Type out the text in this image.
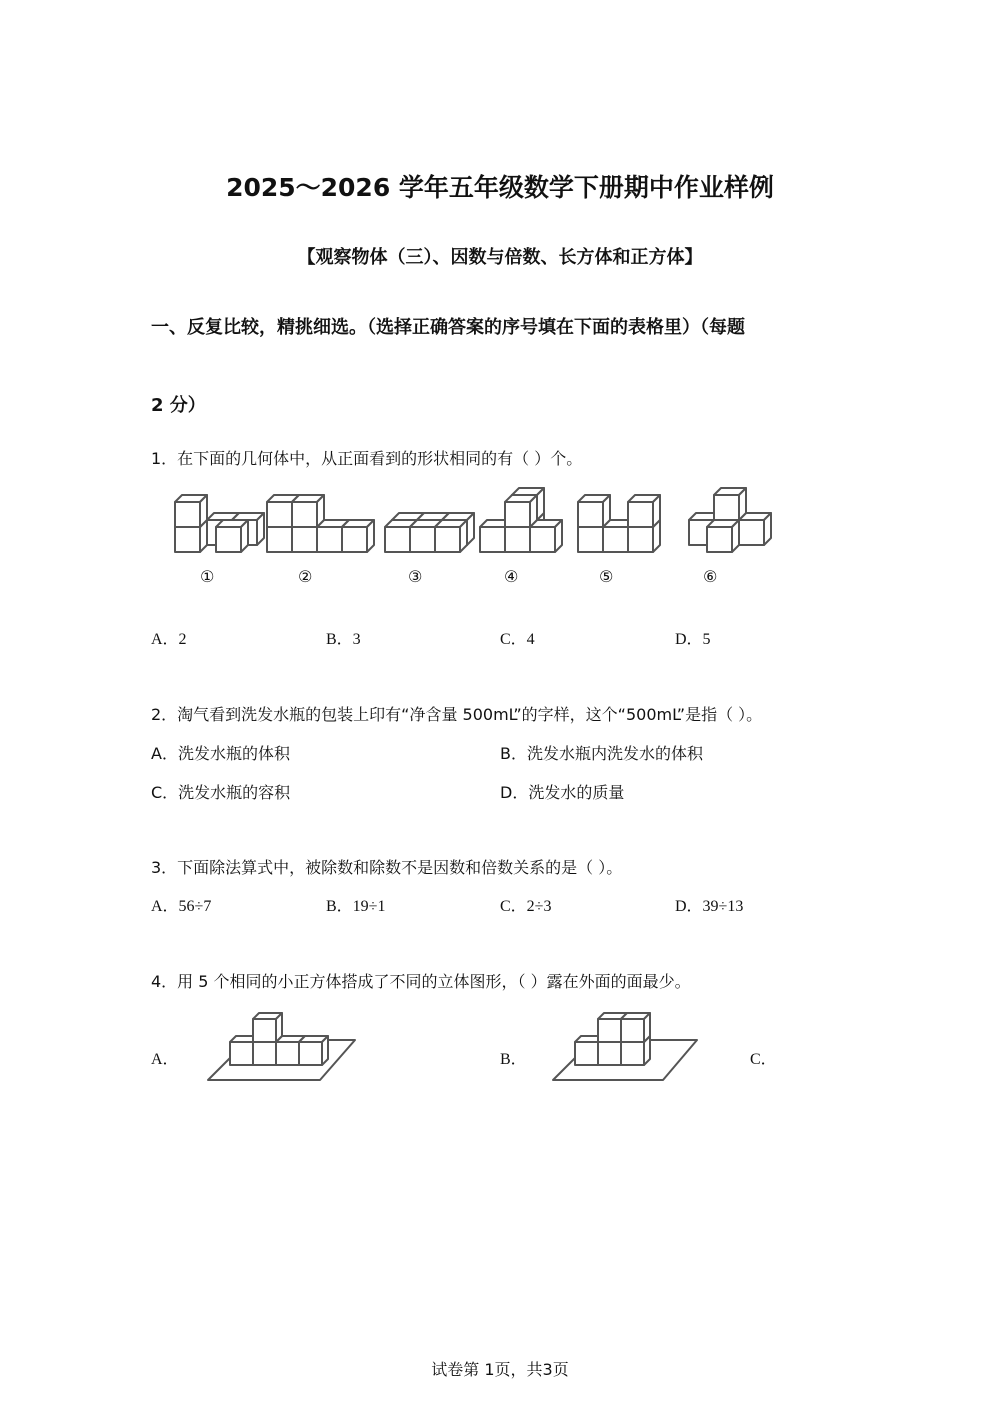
2025～2026 学年五年级数学下册期中作业样例
【观察物体（三）、因数与倍数、长方体和正方体】
一、反复比较，精挑细选。（选择正确答案的序号填在下面的表格里）（每题
2 分）
1．在下面的几何体中，从正面看到的形状相同的有（ ）个。
①	②	③	④	⑤	⑥
A．2	B．3	C．4	D．5
2．淘气看到洗发水瓶的包装上印有“净含量 500mL”的字样，这个“500mL”是指（ ）。
A．洗发水瓶的体积	B．洗发水瓶内洗发水的体积
C．洗发水瓶的容积	D．洗发水的质量
3．下面除法算式中，被除数和除数不是因数和倍数关系的是（ ）。
A．56÷7	B．19÷1	C．2÷3	D．39÷13
4．用 5 个相同的小正方体搭成了不同的立体图形，（ ）露在外面的面最少。
A．	B．	C．
试卷第 1页，共3页
